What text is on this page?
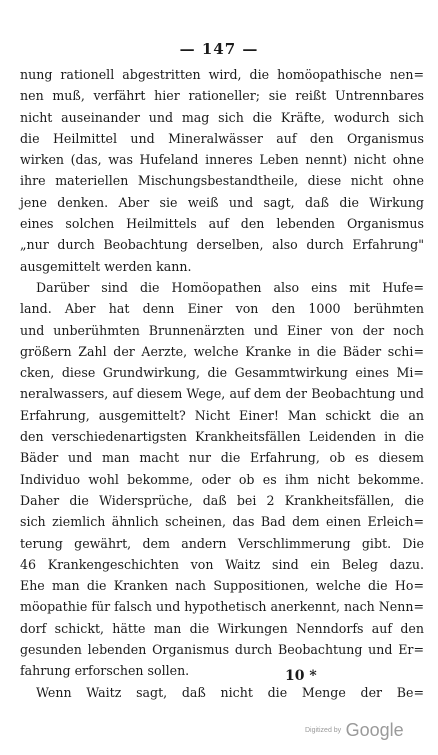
— 147 —
nung rationell abgestritten wird, die homöopathische nen=
nen muß, verfährt hier rationeller; sie reißt Untrennbares
nicht auseinander und mag sich die Kräfte, wodurch sich
die Heilmittel und Mineralwässer auf den Organismus
wirken (das, was Hufeland inneres Leben nennt) nicht ohne
ihre materiellen Mischungsbestandtheile, diese nicht ohne
jene denken. Aber sie weiß und sagt, daß die Wirkung
eines solchen Heilmittels auf den lebenden Organismus
„nur durch Beobachtung derselben, also durch Erfahrung"
ausgemittelt werden kann.
Darüber sind die Homöopathen also eins mit Hufe=
land. Aber hat denn Einer von den 1000 berühmten
und unberühmten Brunnenärzten und Einer von der noch
größern Zahl der Aerzte, welche Kranke in die Bäder schi=
cken, diese Grundwirkung, die Gesammtwirkung eines Mi=
neralwassers, auf diesem Wege, auf dem der Beobachtung und
Erfahrung, ausgemittelt? Nicht Einer! Man schickt die an
den verschiedenartigsten Krankheitsfällen Leidenden in die
Bäder und man macht nur die Erfahrung, ob es diesem
Individuo wohl bekomme, oder ob es ihm nicht bekomme.
Daher die Widersprüche, daß bei 2 Krankheitsfällen, die
sich ziemlich ähnlich scheinen, das Bad dem einen Erleich=
terung gewährt, dem andern Verschlimmerung gibt. Die
46 Krankengeschichten von Waitz sind ein Beleg dazu.
Ehe man die Kranken nach Suppositionen, welche die Ho=
möopathie für falsch und hypothetisch anerkennt, nach Nenn=
dorf schickt, hätte man die Wirkungen Nenndorfs auf den
gesunden lebenden Organismus durch Beobachtung und Er=
fahrung erforschen sollen.
Wenn Waitz sagt, daß nicht die Menge der Be=
10 *
Digitized by Google
